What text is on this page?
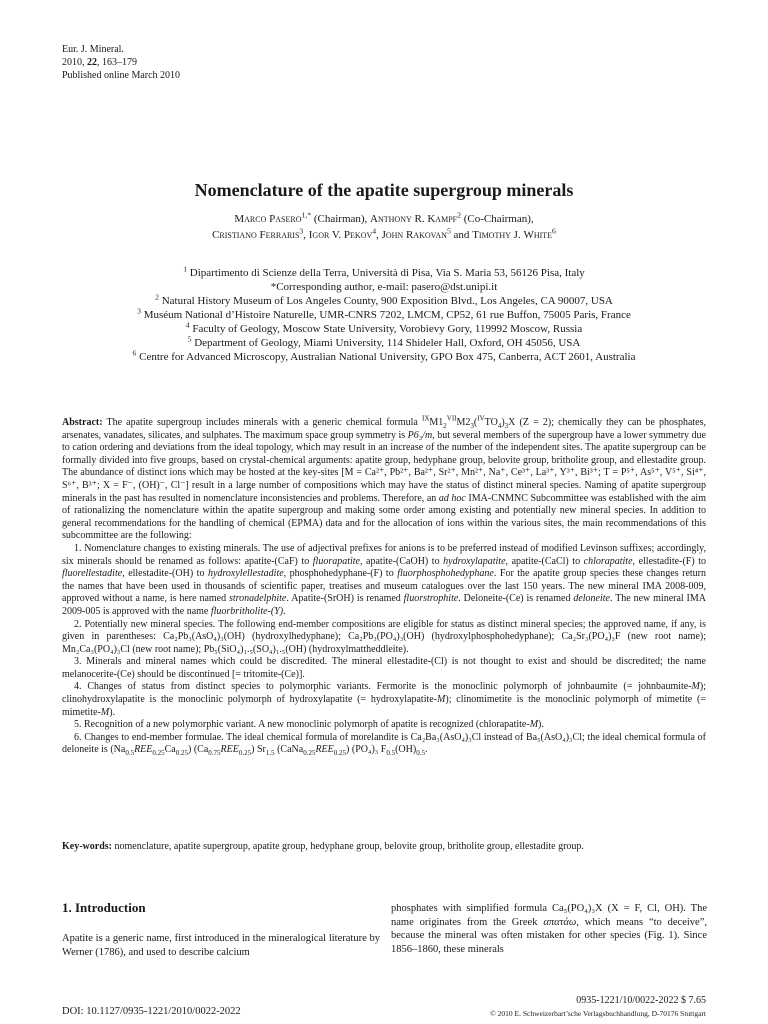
Eur. J. Mineral.
2010, 22, 163–179
Published online March 2010
Nomenclature of the apatite supergroup minerals
Marco Pasero$^{1,*}$ (Chairman), Anthony R. Kampf$^2$ (Co-Chairman),
Cristiano Ferraris$^3$, Igor V. Pekov$^4$, John Rakovan$^5$ and Timothy J. White$^6$
$^1$ Dipartimento di Scienze della Terra, Università di Pisa, Via S. Maria 53, 56126 Pisa, Italy
*Corresponding author, e-mail: pasero@dst.unipi.it
$^2$ Natural History Museum of Los Angeles County, 900 Exposition Blvd., Los Angeles, CA 90007, USA
$^3$ Muséum National d’Histoire Naturelle, UMR-CNRS 7202, LMCM, CP52, 61 rue Buffon, 75005 Paris, France
$^4$ Faculty of Geology, Moscow State University, Vorobievy Gory, 119992 Moscow, Russia
$^5$ Department of Geology, Miami University, 114 Shideler Hall, Oxford, OH 45056, USA
$^6$ Centre for Advanced Microscopy, Australian National University, GPO Box 475, Canberra, ACT 2601, Australia

Abstract: The apatite supergroup includes minerals with a generic chemical formula $^{IX}M1_2^{VII}M2_3(^{IV}TO_4)_3X$ (Z = 2); chemically they can be phosphates, arsenates, vanadates, silicates, and sulphates. The maximum space group symmetry is P6₃/m, but several members of the supergroup have a lower symmetry due to cation ordering and deviations from the ideal topology, which may result in an increase of the number of the independent sites. The apatite supergroup can be formally divided into five groups, based on crystal-chemical arguments: apatite group, hedyphane group, belovite group, britholite group, and ellestadite group. The abundance of distinct ions which may be hosted at the key-sites [M = Ca²⁺, Pb²⁺, Ba²⁺, Sr²⁺, Mn²⁺, Na⁺, Ce³⁺, La³⁺, Y³⁺, Bi³⁺; T = P⁵⁺, As⁵⁺, V⁵⁺, Si⁴⁺, S⁶⁺, B³⁺; X = F⁻, (OH)⁻, Cl⁻] result in a large number of compositions which may have the status of distinct mineral species. Naming of apatite supergroup minerals in the past has resulted in nomenclature inconsistencies and problems. Therefore, an ad hoc IMA-CNMNC Subcommittee was established with the aim of rationalizing the nomenclature within the apatite supergroup and making some order among existing and potentially new mineral species. In addition to general recommendations for the handling of chemical (EPMA) data and for the allocation of ions within the various sites, the main recommendations of this subcommittee are the following:

1. Nomenclature changes to existing minerals. The use of adjectival prefixes for anions is to be preferred instead of modified Levinson suffixes; accordingly, six minerals should be renamed as follows: apatite-(CaF) to fluorapatite, apatite-(CaOH) to hydroxylapatite, apatite-(CaCl) to chlorapatite, ellestadite-(F) to fluorellestadite, ellestadite-(OH) to hydroxylellestadite, phosphohedyphane-(F) to fluorphosphohedyphane. For the apatite group species these changes return the names that have been used in thousands of scientific paper, treatises and museum catalogues over the last 150 years. The new mineral IMA 2008-009, approved without a name, is here named stronadelphite. Apatite-(SrOH) is renamed fluorstrophite. Deloneite-(Ce) is renamed deloneite. The new mineral IMA 2009-005 is approved with the name fluorbritholite-(Y).

2. Potentially new mineral species. The following end-member compositions are eligible for status as distinct mineral species; the approved name, if any, is given in parentheses: Ca₂Pb₃(AsO₄)₃(OH) (hydroxylhedyphane); Ca₂Pb₃(PO₄)₃(OH) (hydroxylphosphohedyphane); Ca₂Sr₃(PO₄)₃F (new root name); Mn₂Ca₃(PO₄)₃Cl (new root name); Pb₅(SiO₄)₁.₅(SO₄)₁.₅(OH) (hydroxylmattheddleite).

3. Minerals and mineral names which could be discredited. The mineral ellestadite-(Cl) is not thought to exist and should be discredited; the name melanocerite-(Ce) should be discontinued [= tritomite-(Ce)].

4. Changes of status from distinct species to polymorphic variants. Fermorite is the monoclinic polymorph of johnbaumite (= johnbaumite-M); clinohydroxylapatite is the monoclinic polymorph of hydroxylapatite (= hydroxylapatite-M); clinomimetite is the monoclinic polymorph of mimetite (= mimetite-M).

5. Recognition of a new polymorphic variant. A new monoclinic polymorph of apatite is recognized (chlorapatite-M).

6. Changes to end-member formulae. The ideal chemical formula of morelandite is Ca₂Ba₃(AsO₄)₃Cl instead of Ba₅(AsO₄)₃Cl; the ideal chemical formula of deloneite is $(Na_{0.5}REE_{0.25}Ca_{0.25})$ $(Ca_{0.75}REE_{0.25})$ $Sr_{1.5}$ $(CaNa_{0.25}REE_{0.25})$ (PO₄)₃ $F_{0.5}(OH)_{0.5}$.

Key-words: nomenclature, apatite supergroup, apatite group, hedyphane group, belovite group, britholite group, ellestadite group.
1. Introduction
Apatite is a generic name, first introduced in the mineralogical literature by Werner (1786), and used to describe calcium
phosphates with simplified formula Ca₅(PO₄)₃X (X = F, Cl, OH). The name originates from the Greek απατάω, which means “to deceive”, because the mineral was often mistaken for other species (Fig. 1). Since 1856–1860, these minerals
DOI: 10.1127/0935-1221/2010/0022-2022
0935-1221/10/0022-2022 $ 7.65
© 2010 E. Schweizerbart’sche Verlagsbuchhandlung, D-70176 Stuttgart
